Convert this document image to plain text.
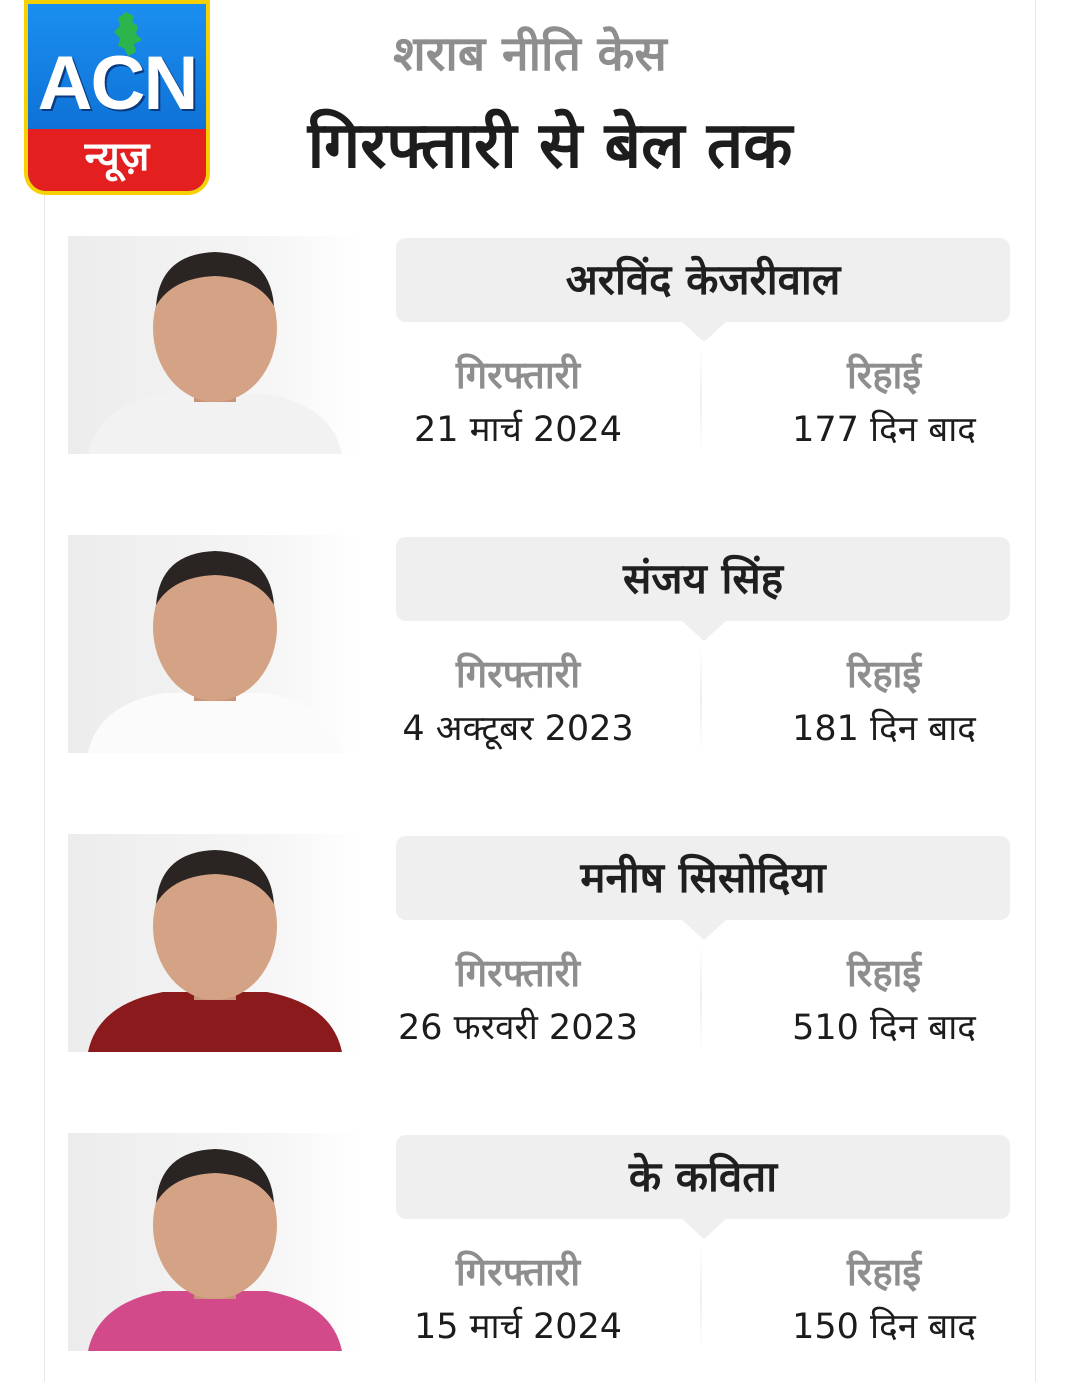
ACN
न्यूज़
शराब नीति केस
गिरफ्तारी से बेल तक
अरविंद केजरीवाल
गिरफ्तारी
21 मार्च 2024
रिहाई
177 दिन बाद
संजय सिंह
गिरफ्तारी
4 अक्टूबर 2023
रिहाई
181 दिन बाद
मनीष सिसोदिया
गिरफ्तारी
26 फरवरी 2023
रिहाई
510 दिन बाद
के कविता
गिरफ्तारी
15 मार्च 2024
रिहाई
150 दिन बाद
